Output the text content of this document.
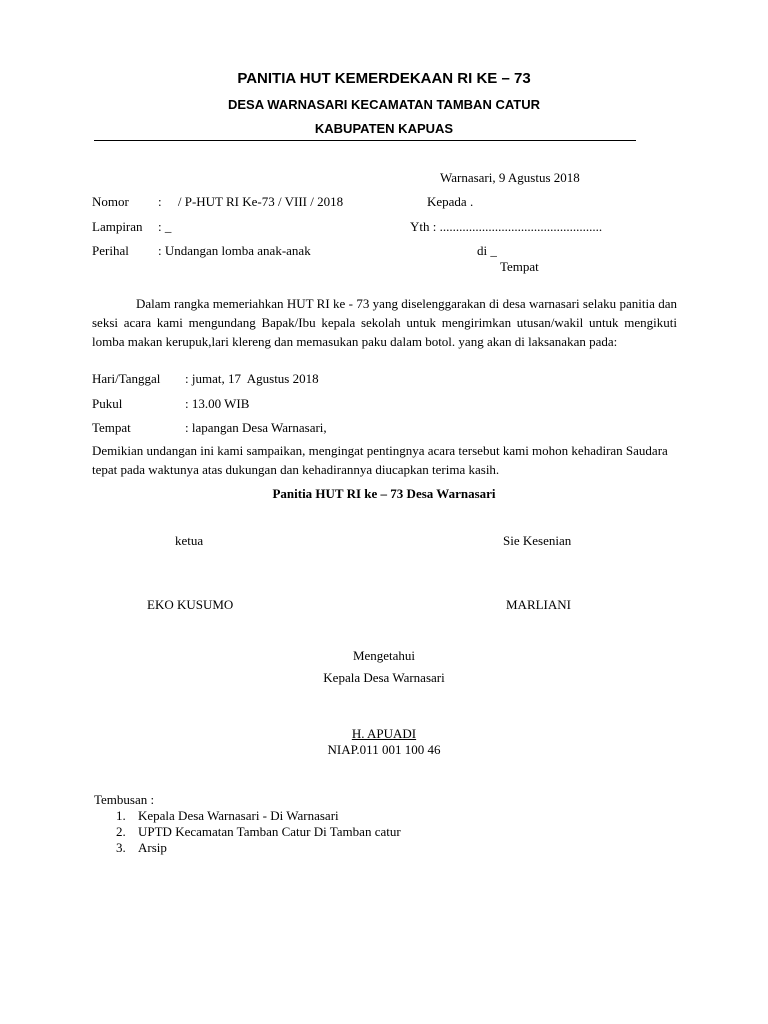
PANITIA HUT KEMERDEKAAN RI KE – 73
DESA WARNASARI KECAMATAN TAMBAN CATUR
KABUPATEN KAPUAS
Warnasari, 9 Agustus 2018
Nomor :     / P-HUT RI Ke-73 / VIII / 2018
Lampiran : _
Perihal : Undangan lomba anak-anak
Kepada .
Yth : ..................................................
di _
Tempat
Dalam rangka memeriahkan HUT RI ke - 73 yang diselenggarakan di desa warnasari selaku panitia dan seksi acara kami mengundang Bapak/Ibu kepala sekolah untuk mengirimkan utusan/wakil untuk mengikuti lomba makan kerupuk,lari klereng dan memasukan paku dalam botol. yang akan di laksanakan pada:
Hari/Tanggal : jumat, 17  Agustus 2018
Pukul	: 13.00 WIB
Tempat	: lapangan Desa Warnasari,
Demikian undangan ini kami sampaikan, mengingat pentingnya acara tersebut kami mohon kehadiran Saudara tepat pada waktunya atas dukungan dan kehadirannya diucapkan terima kasih.
Panitia HUT RI ke – 73 Desa Warnasari
ketua	Sie Kesenian
EKO KUSUMO	MARLIANI
Mengetahui
Kepala Desa Warnasari
H. APUADI
NIAP.011 001 100 46
Tembusan :
1. Kepala Desa Warnasari - Di Warnasari
2. UPTD Kecamatan Tamban Catur Di Tamban catur
3. Arsip
